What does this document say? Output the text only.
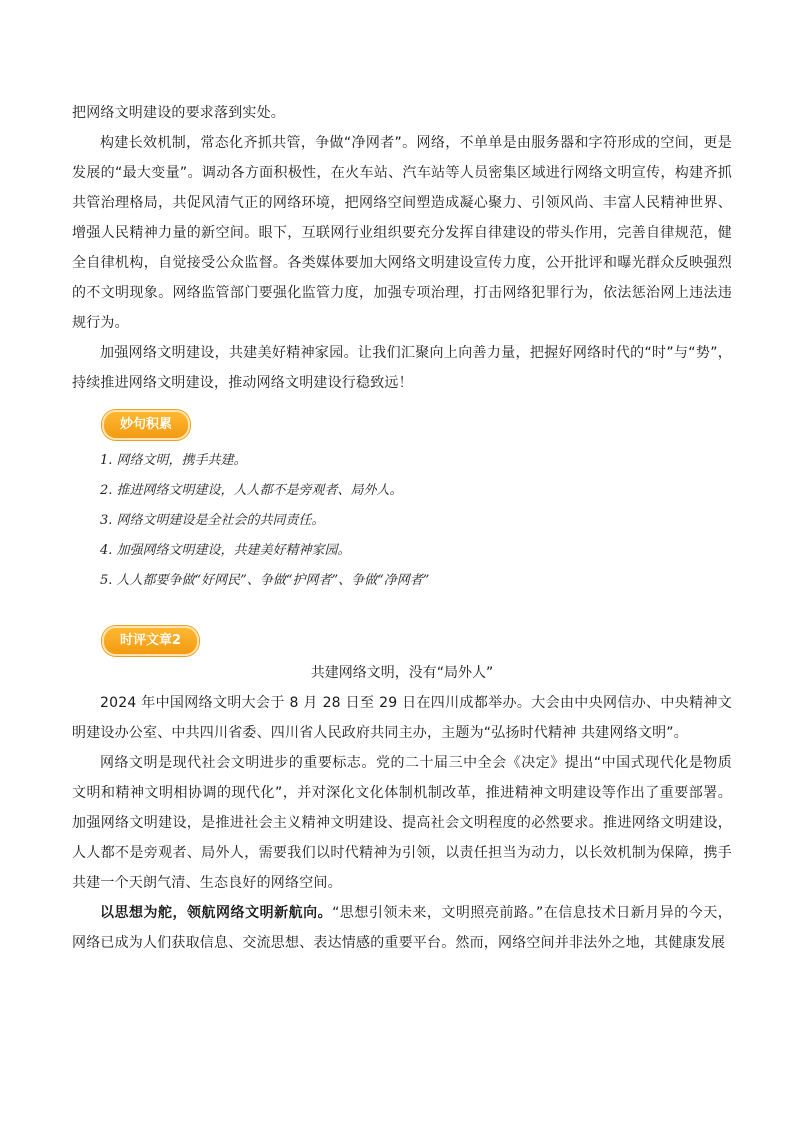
把网络文明建设的要求落到实处。

构建长效机制，常态化齐抓共管，争做“净网者”。网络，不单单是由服务器和字符形成的空间，更是发展的“最大变量”。调动各方面积极性，在火车站、汽车站等人员密集区域进行网络文明宣传，构建齐抓共管治理格局，共促风清气正的网络环境，把网络空间塑造成凝心聚力、引领风尚、丰富人民精神世界、增强人民精神力量的新空间。眼下，互联网行业组织要充分发挥自律建设的带头作用，完善自律规范，健全自律机构，自觉接受公众监督。各类媒体要加大网络文明建设宣传力度，公开批评和曝光群众反映强烈的不文明现象。网络监管部门要强化监管力度，加强专项治理，打击网络犯罪行为，依法惩治网上违法违规行为。

加强网络文明建设，共建美好精神家园。让我们汇聚向上向善力量，把握好网络时代的“时”与“势”，持续推进网络文明建设，推动网络文明建设行稳致远！

妙句积累
1. 网络文明，携手共建。
2. 推进网络文明建设，人人都不是旁观者、局外人。
3. 网络文明建设是全社会的共同责任。
4. 加强网络文明建设，共建美好精神家园。
5. 人人都要争做“好网民”、争做“护网者”、争做“净网者”
时评文章2

共建网络文明，没有“局外人”

2024 年中国网络文明大会于 8 月 28 日至 29 日在四川成都举办。大会由中央网信办、中央精神文明建设办公室、中共四川省委、四川省人民政府共同主办，主题为“弘扬时代精神 共建网络文明”。

网络文明是现代社会文明进步的重要标志。党的二十届三中全会《决定》提出“中国式现代化是物质文明和精神文明相协调的现代化”，并对深化文化体制机制改革，推进精神文明建设等作出了重要部署。加强网络文明建设，是推进社会主义精神文明建设、提高社会文明程度的必然要求。推进网络文明建设，人人都不是旁观者、局外人，需要我们以时代精神为引领，以责任担当为动力，以长效机制为保障，携手共建一个天朗气清、生态良好的网络空间。

以思想为舵，领航网络文明新航向。“思想引领未来，文明照亮前路。”在信息技术日新月异的今天，网络已成为人们获取信息、交流思想、表达情感的重要平台。然而，网络空间并非法外之地，其健康发展
